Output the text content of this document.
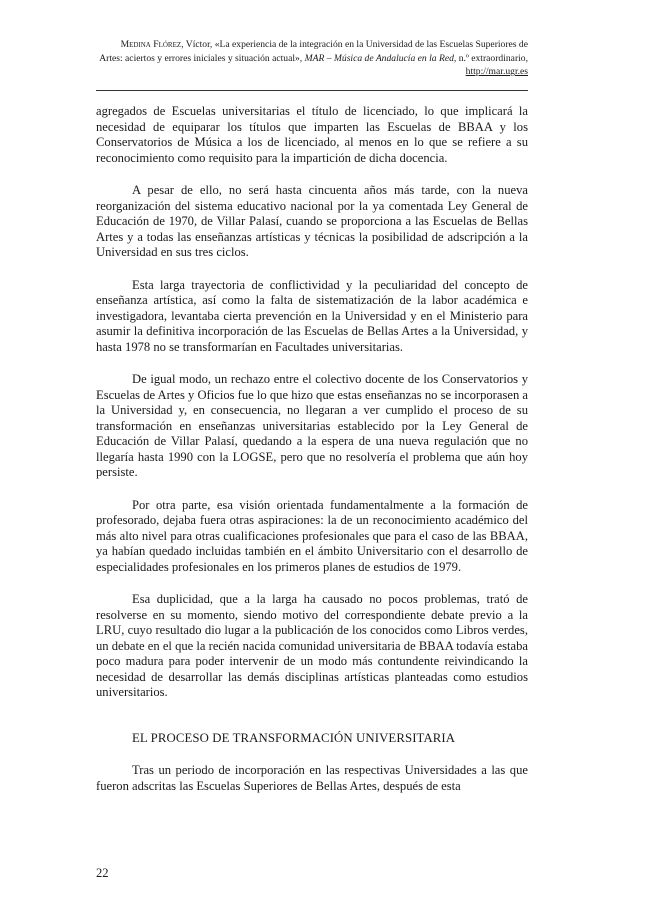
Medina Flórez, Víctor, «La experiencia de la integración en la Universidad de las Escuelas Superiores de Artes: aciertos y errores iniciales y situación actual», MAR – Música de Andalucía en la Red, n.º extraordinario, http://mar.ugr.es

agregados de Escuelas universitarias el título de licenciado, lo que implicará la necesidad de equiparar los títulos que imparten las Escuelas de BBAA y los Conservatorios de Música a los de licenciado, al menos en lo que se refiere a su reconocimiento como requisito para la impartición de dicha docencia.

A pesar de ello, no será hasta cincuenta años más tarde, con la nueva reorganización del sistema educativo nacional por la ya comentada Ley General de Educación de 1970, de Villar Palasí, cuando se proporciona a las Escuelas de Bellas Artes y a todas las enseñanzas artísticas y técnicas la posibilidad de adscripción a la Universidad en sus tres ciclos.

Esta larga trayectoria de conflictividad y la peculiaridad del concepto de enseñanza artística, así como la falta de sistematización de la labor académica e investigadora, levantaba cierta prevención en la Universidad y en el Ministerio para asumir la definitiva incorporación de las Escuelas de Bellas Artes a la Universidad, y hasta 1978 no se transformarían en Facultades universitarias.

De igual modo, un rechazo entre el colectivo docente de los Conservatorios y Escuelas de Artes y Oficios fue lo que hizo que estas enseñanzas no se incorporasen a la Universidad y, en consecuencia, no llegaran a ver cumplido el proceso de su transformación en enseñanzas universitarias establecido por la Ley General de Educación de Villar Palasí, quedando a la espera de una nueva regulación que no llegaría hasta 1990 con la LOGSE, pero que no resolvería el problema que aún hoy persiste.

Por otra parte, esa visión orientada fundamentalmente a la formación de profesorado, dejaba fuera otras aspiraciones: la de un reconocimiento académico del más alto nivel para otras cualificaciones profesionales que para el caso de las BBAA, ya habían quedado incluidas también en el ámbito Universitario con el desarrollo de especialidades profesionales en los primeros planes de estudios de 1979.

Esa duplicidad, que a la larga ha causado no pocos problemas, trató de resolverse en su momento, siendo motivo del correspondiente debate previo a la LRU, cuyo resultado dio lugar a la publicación de los conocidos como Libros verdes, un debate en el que la recién nacida comunidad universitaria de BBAA todavía estaba poco madura para poder intervenir de un modo más contundente reivindicando la necesidad de desarrollar las demás disciplinas artísticas planteadas como estudios universitarios.

EL PROCESO DE TRANSFORMACIÓN UNIVERSITARIA

Tras un periodo de incorporación en las respectivas Universidades a las que fueron adscritas las Escuelas Superiores de Bellas Artes, después de esta

22
